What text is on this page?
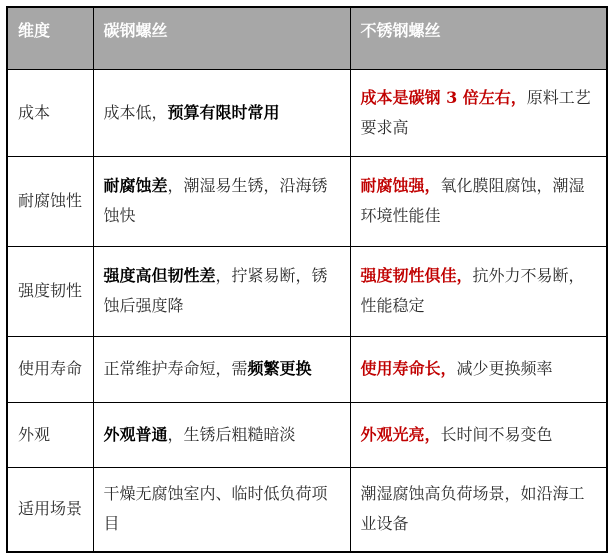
维度	碳钢螺丝	不锈钢螺丝
成本	成本低，预算有限时常用	成本是碳钢 3 倍左右，原料工艺要求高
耐腐蚀性	耐腐蚀差，潮湿易生锈，沿海锈蚀快	耐腐蚀强，氧化膜阻腐蚀，潮湿环境性能佳
强度韧性	强度高但韧性差，拧紧易断，锈蚀后强度降	强度韧性俱佳，抗外力不易断，性能稳定
使用寿命	正常维护寿命短，需频繁更换	使用寿命长，减少更换频率
外观	外观普通，生锈后粗糙暗淡	外观光亮，长时间不易变色
适用场景	干燥无腐蚀室内、临时低负荷项目	潮湿腐蚀高负荷场景，如沿海工业设备
